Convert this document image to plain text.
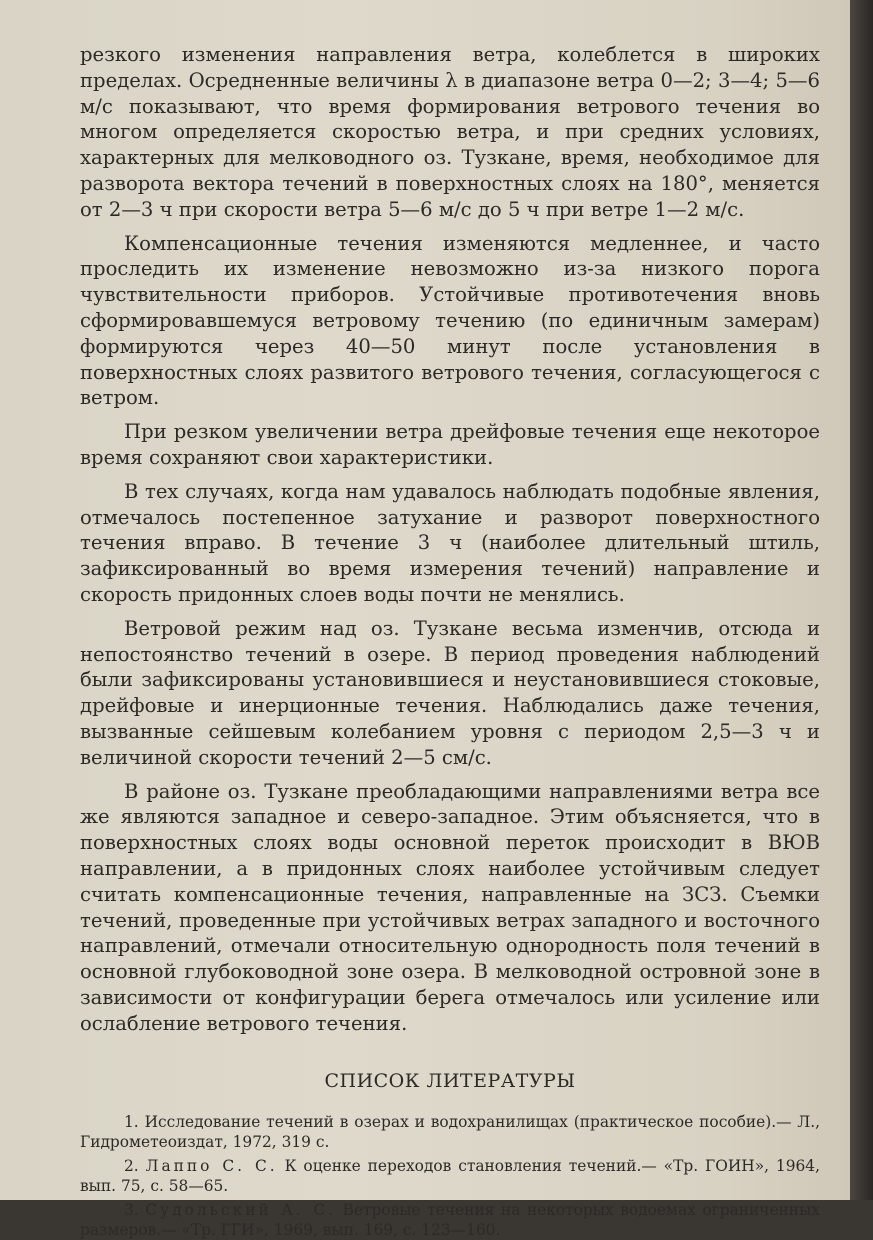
резкого изменения направления ветра, колеблется в широких пределах. Осредненные величины λ в диапазоне ветра 0—2; 3—4; 5—6 м/с показывают, что время формирования ветрового течения во многом определяется скоростью ветра, и при средних условиях, характерных для мелководного оз. Тузкане, время, необходимое для разворота вектора течений в поверхностных слоях на 180°, меняется от 2—3 ч при скорости ветра 5—6 м/с до 5 ч при ветре 1—2 м/с.

Компенсационные течения изменяются медленнее, и часто проследить их изменение невозможно из-за низкого порога чувствительности приборов. Устойчивые противотечения вновь сформировавшемуся ветровому течению (по единичным замерам) формируются через 40—50 минут после установления в поверхностных слоях развитого ветрового течения, согласующегося с ветром.

При резком увеличении ветра дрейфовые течения еще некоторое время сохраняют свои характеристики.

В тех случаях, когда нам удавалось наблюдать подобные явления, отмечалось постепенное затухание и разворот поверхностного течения вправо. В течение 3 ч (наиболее длительный штиль, зафиксированный во время измерения течений) направление и скорость придонных слоев воды почти не менялись.

Ветровой режим над оз. Тузкане весьма изменчив, отсюда и непостоянство течений в озере. В период проведения наблюдений были зафиксированы установившиеся и неустановившиеся стоковые, дрейфовые и инерционные течения. Наблюдались даже течения, вызванные сейшевым колебанием уровня с периодом 2,5—3 ч и величиной скорости течений 2—5 см/с.

В районе оз. Тузкане преобладающими направлениями ветра все же являются западное и северо-западное. Этим объясняется, что в поверхностных слоях воды основной переток происходит в ВЮВ направлении, а в придонных слоях наиболее устойчивым следует считать компенсационные течения, направленные на ЗСЗ. Съемки течений, проведенные при устойчивых ветрах западного и восточного направлений, отмечали относительную однородность поля течений в основной глубоководной зоне озера. В мелководной островной зоне в зависимости от конфигурации берега отмечалось или усиление или ослабление ветрового течения.

СПИСОК ЛИТЕРАТУРЫ

1. Исследование течений в озерах и водохранилищах (практическое пособие).— Л., Гидрометеоиздат, 1972, 319 с.

2. Лаппо С. С. К оценке переходов становления течений.— «Тр. ГОИН», 1964, вып. 75, с. 58—65.

3. Судольский А. С. Ветровые течения на некоторых водоемах ограниченных размеров.— «Тр. ГГИ», 1969, вып. 169, с. 123—160.
